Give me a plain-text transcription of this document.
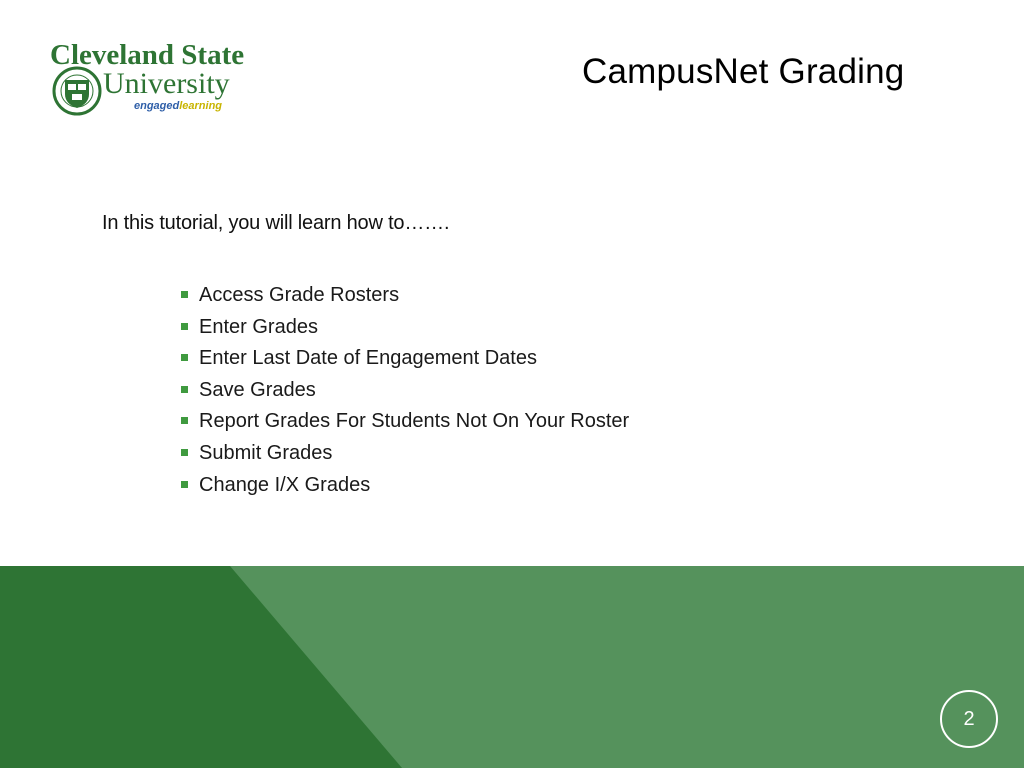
Cleveland State
University
engagedlearning
CampusNet Grading

In this tutorial, you will learn how to…….

Access Grade Rosters
Enter Grades
Enter Last Date of Engagement Dates
Save Grades
Report Grades For Students Not On Your Roster
Submit Grades
Change I/X Grades
2
